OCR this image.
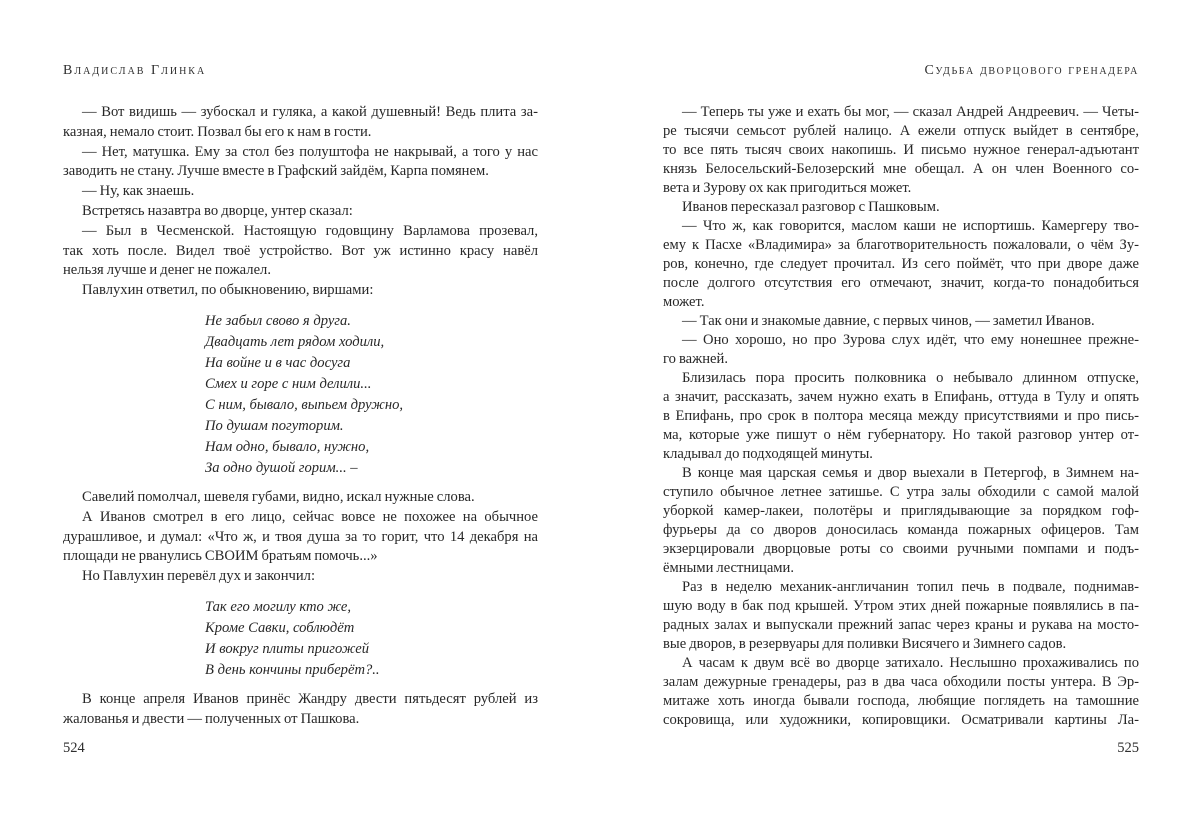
Владислав Глинка
— Вот видишь — зубоскал и гуляка, а какой душевный! Ведь плита за-
казная, немало стоит. Позвал бы его к нам в гости.
— Нет, матушка. Ему за стол без полуштофа не накрывай, а того у нас
заводить не стану. Лучше вместе в Графский зайдём, Карпа помянем.
— Ну, как знаешь.
Встретясь назавтра во дворце, унтер сказал:
— Был в Чесменской. Настоящую годовщину Варламова прозевал,
так хоть после. Видел твоё устройство. Вот уж истинно красу навёл
нельзя лучше и денег не пожалел.
Павлухин ответил, по обыкновению, виршами:
Не забыл свово я друга.
Двадцать лет рядом ходили,
На войне и в час досуга
Смех и горе с ним делили...
С ним, бывало, выпьем дружно,
По душам погуторим.
Нам одно, бывало, нужно,
За одно душой горим... –
Савелий помолчал, шевеля губами, видно, искал нужные слова.
А Иванов смотрел в его лицо, сейчас вовсе не похожее на обычное
дурашливое, и думал: «Что ж, и твоя душа за то горит, что 14 декабря на
площади не рванулись СВОИМ братьям помочь...»
Но Павлухин перевёл дух и закончил:
Так его могилу кто же,
Кроме Савки, соблюдёт
И вокруг плиты пригожей
В день кончины приберёт?..
В конце апреля Иванов принёс Жандру двести пятьдесят рублей из
жалованья и двести — полученных от Пашкова.
524
Судьба дворцового гренадера
— Теперь ты уже и ехать бы мог, — сказал Андрей Андреевич. — Четы-
ре тысячи семьсот рублей налицо. А ежели отпуск выйдет в сентябре,
то все пять тысяч своих накопишь. И письмо нужное генерал-адъютант
князь Белосельский-Белозерский мне обещал. А он член Военного со-
вета и Зурову ох как пригодиться может.
Иванов пересказал разговор с Пашковым.
— Что ж, как говорится, маслом каши не испортишь. Камергеру тво-
ему к Пасхе «Владимира» за благотворительность пожаловали, о чём Зу-
ров, конечно, где следует прочитал. Из сего поймёт, что при дворе даже
после долгого отсутствия его отмечают, значит, когда-то понадобиться
может.
— Так они и знакомые давние, с первых чинов, — заметил Иванов.
— Оно хорошо, но про Зурова слух идёт, что ему нонешнее прежне-
го важней.
Близилась пора просить полковника о небывало длинном отпуске,
а значит, рассказать, зачем нужно ехать в Епифань, оттуда в Тулу и опять
в Епифань, про срок в полтора месяца между присутствиями и про пись-
ма, которые уже пишут о нём губернатору. Но такой разговор унтер от-
кладывал до подходящей минуты.
В конце мая царская семья и двор выехали в Петергоф, в Зимнем на-
ступило обычное летнее затишье. С утра залы обходили с самой малой
уборкой камер-лакеи, полотёры и приглядывающие за порядком гоф-
фурьеры да со дворов доносилась команда пожарных офицеров. Там
экзерцировали дворцовые роты со своими ручными помпами и подъ-
ёмными лестницами.
Раз в неделю механик-англичанин топил печь в подвале, поднимав-
шую воду в бак под крышей. Утром этих дней пожарные появлялись в па-
радных залах и выпускали прежний запас через краны и рукава на мосто-
вые дворов, в резервуары для поливки Висячего и Зимнего садов.
А часам к двум всё во дворце затихало. Неслышно прохаживались по
залам дежурные гренадеры, раз в два часа обходили посты унтера. В Эр-
митаже хоть иногда бывали господа, любящие поглядеть на тамошние
сокровища, или художники, копировщики. Осматривали картины Ла-
525
